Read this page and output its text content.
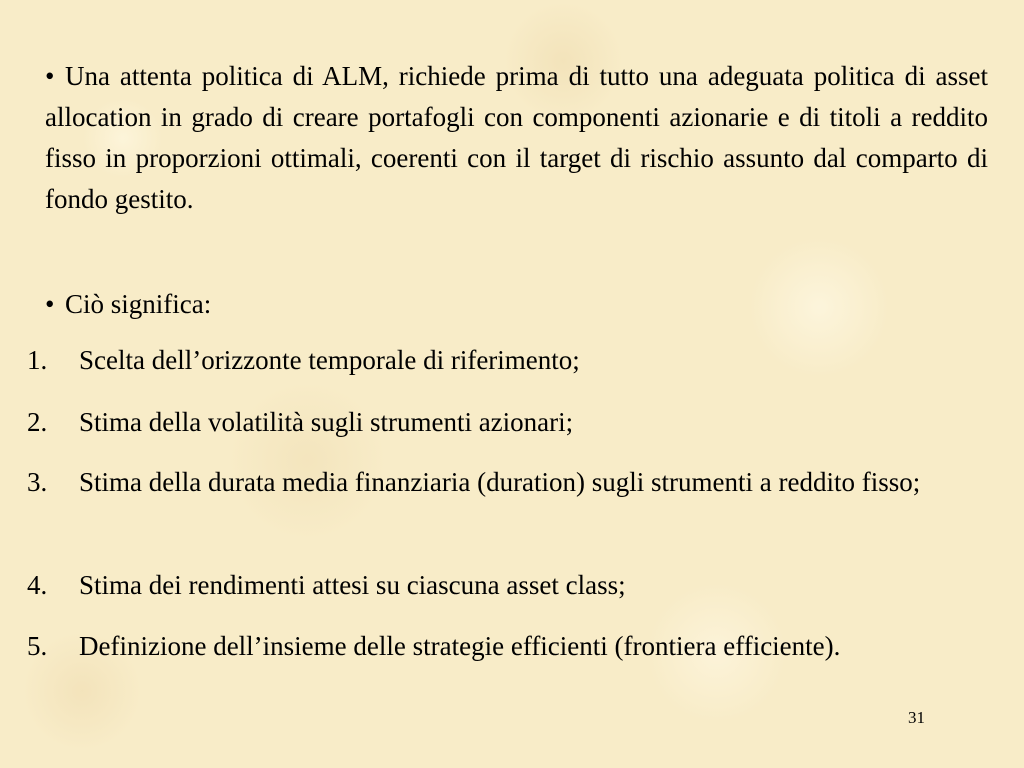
• Una attenta politica di ALM, richiede prima di tutto una adeguata politica di asset allocation in grado di creare portafogli con componenti azionarie e di titoli a reddito fisso in proporzioni ottimali, coerenti con il target di rischio assunto dal comparto di fondo gestito.
• Ciò significa:
1.	Scelta dell’orizzonte temporale di riferimento;
2.	Stima della volatilità sugli strumenti azionari;
3.	Stima della durata media finanziaria (duration) sugli strumenti a reddito fisso;
4.	Stima dei rendimenti attesi su ciascuna asset class;
5.	Definizione dell’insieme delle strategie efficienti (frontiera efficiente).
31
